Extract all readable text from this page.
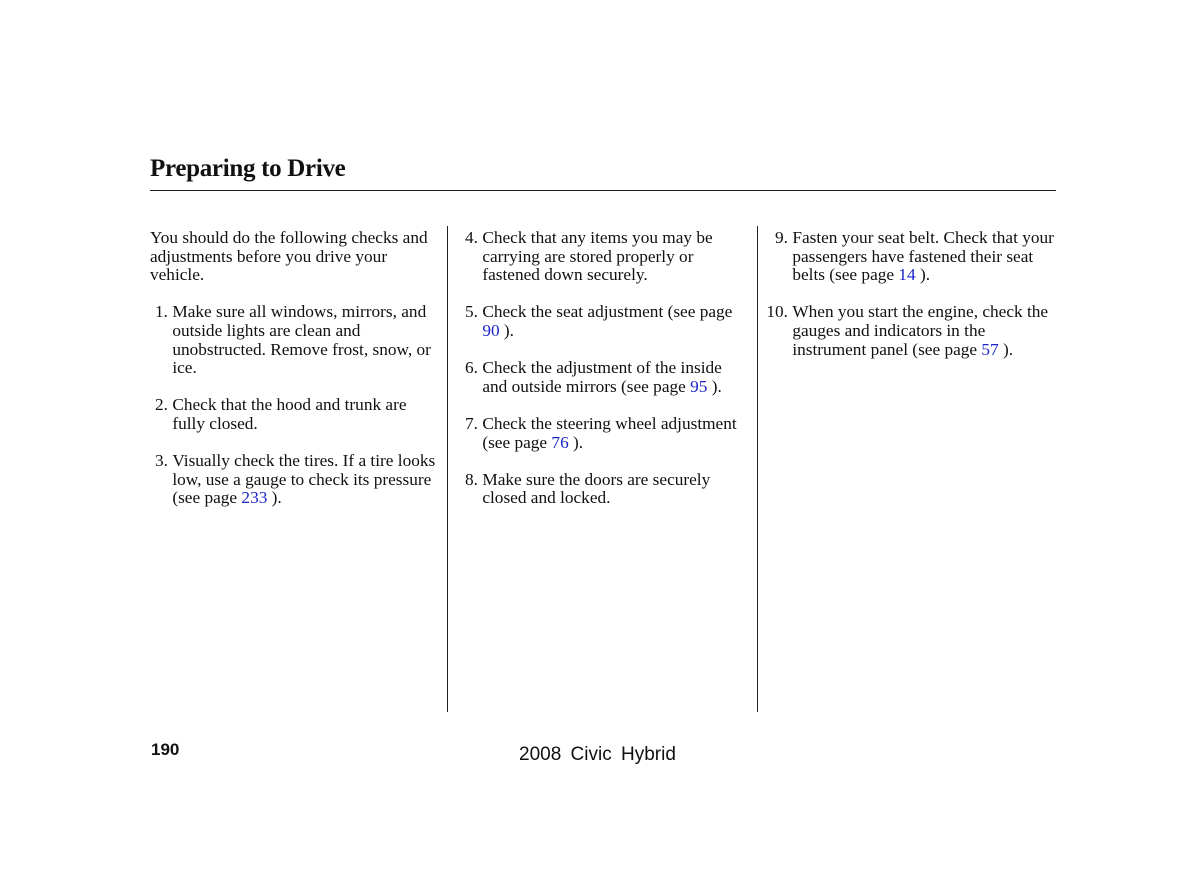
Preparing to Drive
You should do the following checks and adjustments before you drive your vehicle.
1.
Make sure all windows, mirrors, and outside lights are clean and unobstructed. Remove frost, snow, or ice.
2.
Check that the hood and trunk are fully closed.
3.
Visually check the tires. If a tire looks low, use a gauge to check its pressure (see page 233 ).
4.
Check that any items you may be carrying are stored properly or fastened down securely.
5.
Check the seat adjustment (see page 90 ).
6.
Check the adjustment of the inside and outside mirrors (see page 95 ).
7.
Check the steering wheel adjustment (see page 76 ).
8.
Make sure the doors are securely closed and locked.
9.
Fasten your seat belt. Check that your passengers have fastened their seat belts (see page 14 ).
10.
When you start the engine, check the gauges and indicators in the instrument panel (see page 57 ).
190	2008 Civic Hybrid
